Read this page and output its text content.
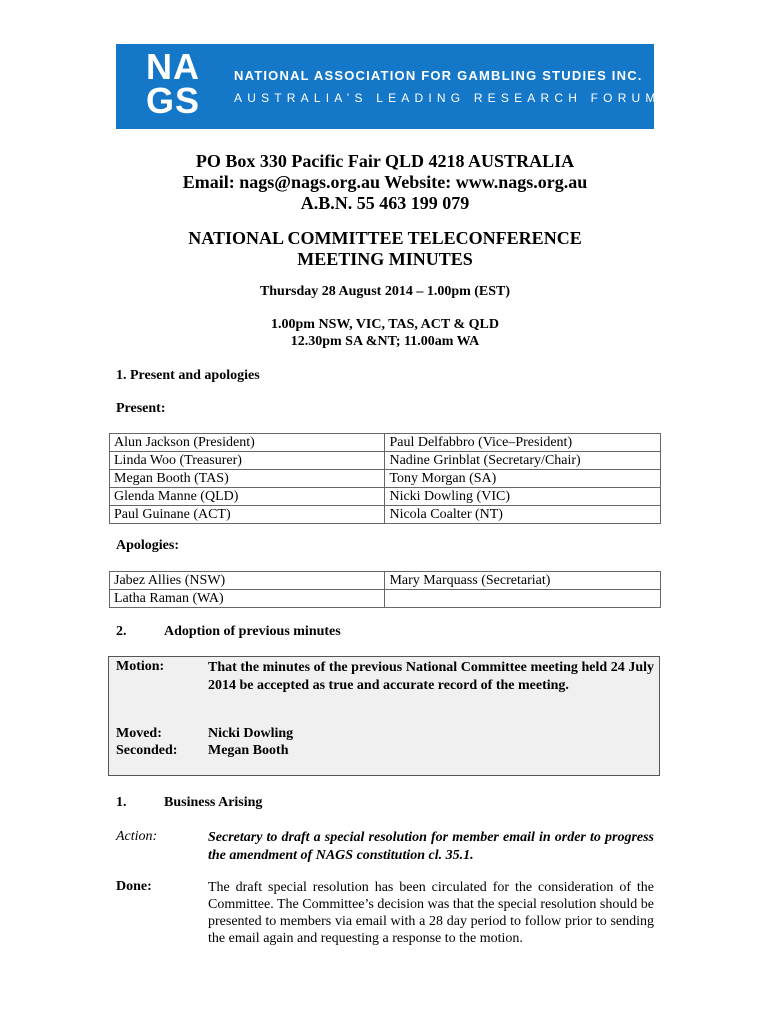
NA
GS
NATIONAL ASSOCIATION FOR GAMBLING STUDIES INC.
AUSTRALIA’S LEADING RESEARCH FORUM
PO Box 330 Pacific Fair QLD 4218 AUSTRALIA
Email: nags@nags.org.au Website: www.nags.org.au
A.B.N. 55 463 199 079
NATIONAL COMMITTEE TELECONFERENCE
MEETING MINUTES
Thursday 28 August 2014 – 1.00pm (EST)
1.00pm NSW, VIC, TAS, ACT & QLD
12.30pm SA &NT; 11.00am WA
1. Present and apologies
Present:
Alun Jackson (President)	Paul Delfabbro (Vice–President)
Linda Woo (Treasurer)	Nadine Grinblat (Secretary/Chair)
Megan Booth (TAS)	Tony Morgan (SA)
Glenda Manne (QLD)	Nicki Dowling (VIC)
Paul Guinane (ACT)	Nicola Coalter (NT)
Apologies:
Jabez Allies (NSW)	Mary Marquass (Secretariat)
Latha Raman (WA)	
2.	Adoption of previous minutes
Motion:	That the minutes of the previous National Committee meeting held 24 July 2014 be accepted as true and accurate record of the meeting.
Moved:	Nicki Dowling
Seconded: Megan Booth
1.	Business Arising
Action:	Secretary to draft a special resolution for member email in order to progress the amendment of NAGS constitution cl. 35.1.
Done:	The draft special resolution has been circulated for the consideration of the Committee. The Committee’s decision was that the special resolution should be presented to members via email with a 28 day period to follow prior to sending the email again and requesting a response to the motion.
